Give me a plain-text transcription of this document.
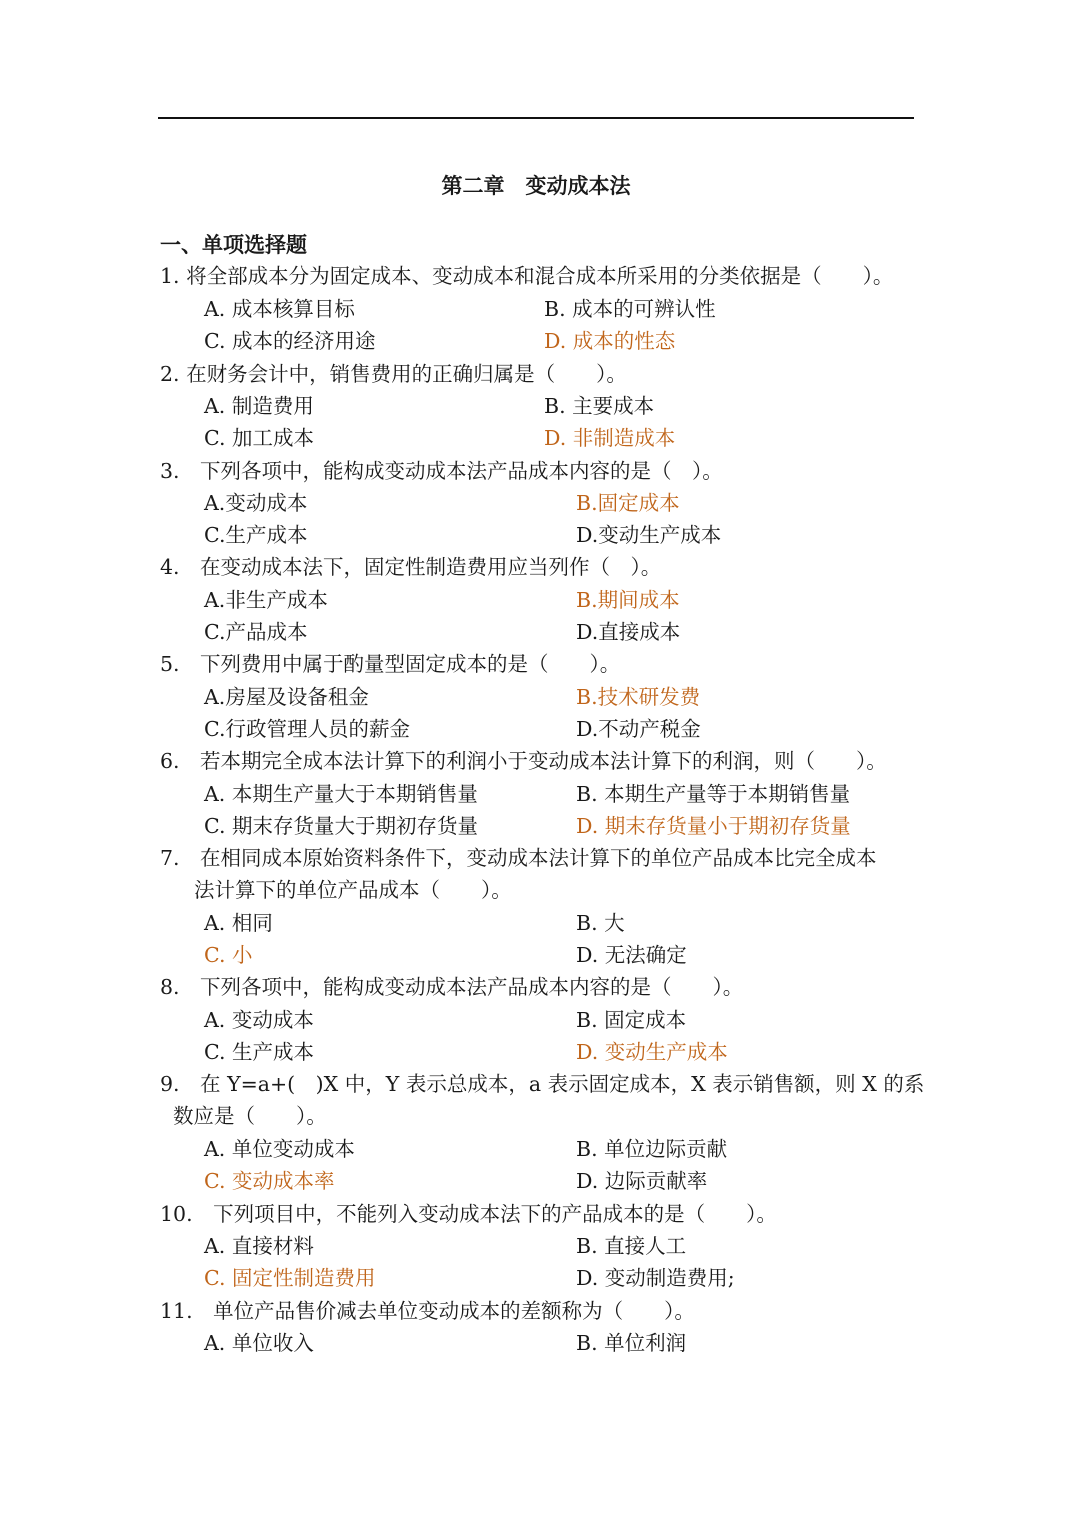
第二章　变动成本法
一、单项选择题
1. 将全部成本分为固定成本、变动成本和混合成本所采用的分类依据是（　　）。
A. 成本核算目标	B. 成本的可辨认性
C. 成本的经济用途	D. 成本的性态
2. 在财务会计中，销售费用的正确归属是（　　）。
A. 制造费用	B. 主要成本
C. 加工成本	D. 非制造成本
3.　下列各项中，能构成变动成本法产品成本内容的是（　）。
A.变动成本	B.固定成本
C.生产成本	D.变动生产成本
4.　在变动成本法下，固定性制造费用应当列作（　）。
A.非生产成本	B.期间成本
C.产品成本	D.直接成本
5.　下列费用中属于酌量型固定成本的是（　　）。
A.房屋及设备租金	B.技术研发费
C.行政管理人员的薪金	D.不动产税金
6.　若本期完全成本法计算下的利润小于变动成本法计算下的利润，则（　　）。
A. 本期生产量大于本期销售量	B. 本期生产量等于本期销售量
C. 期末存货量大于期初存货量	D. 期末存货量小于期初存货量
7.　在相同成本原始资料条件下，变动成本法计算下的单位产品成本比完全成本
法计算下的单位产品成本（　　）。
A. 相同	B. 大
C. 小	D. 无法确定
8.　下列各项中，能构成变动成本法产品成本内容的是（　　）。
A. 变动成本	B. 固定成本
C. 生产成本	D. 变动生产成本
9.　在 Y=a+(　)X 中，Y 表示总成本，a 表示固定成本，X 表示销售额，则 X 的系
数应是（　　）。
A. 单位变动成本	B. 单位边际贡献
C. 变动成本率	D. 边际贡献率
10.　下列项目中，不能列入变动成本法下的产品成本的是（　　）。
A. 直接材料	B. 直接人工
C. 固定性制造费用	D. 变动制造费用;
11.　单位产品售价减去单位变动成本的差额称为（　　）。
A. 单位收入	B. 单位利润
